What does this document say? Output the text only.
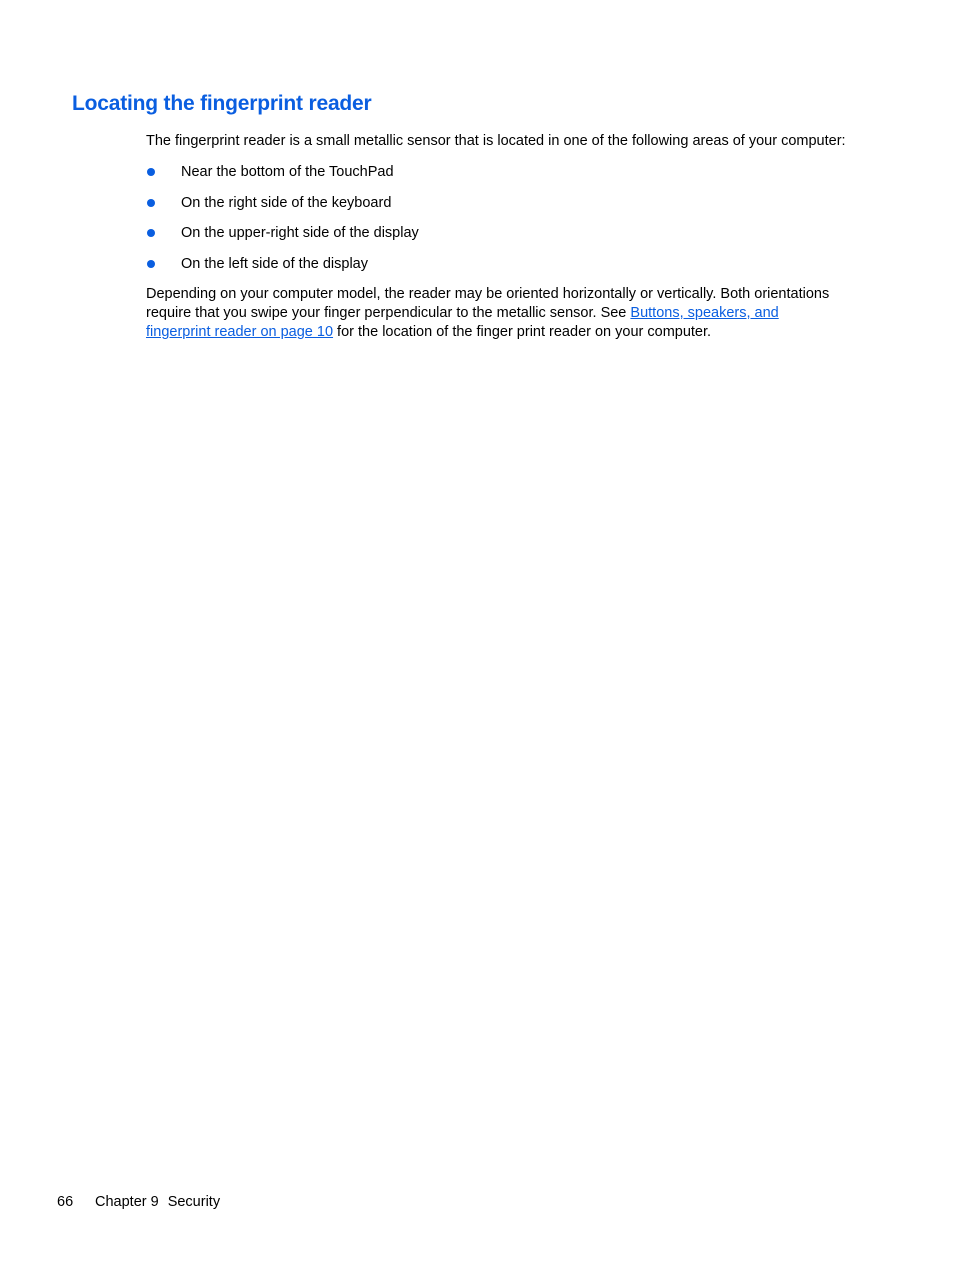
Locating the fingerprint reader

The fingerprint reader is a small metallic sensor that is located in one of the following areas of your computer:

Near the bottom of the TouchPad
On the right side of the keyboard
On the upper-right side of the display
On the left side of the display

Depending on your computer model, the reader may be oriented horizontally or vertically. Both orientations
require that you swipe your finger perpendicular to the metallic sensor. See Buttons, speakers, and
fingerprint reader on page 10 for the location of the finger print reader on your computer.

66 Chapter 9 Security
